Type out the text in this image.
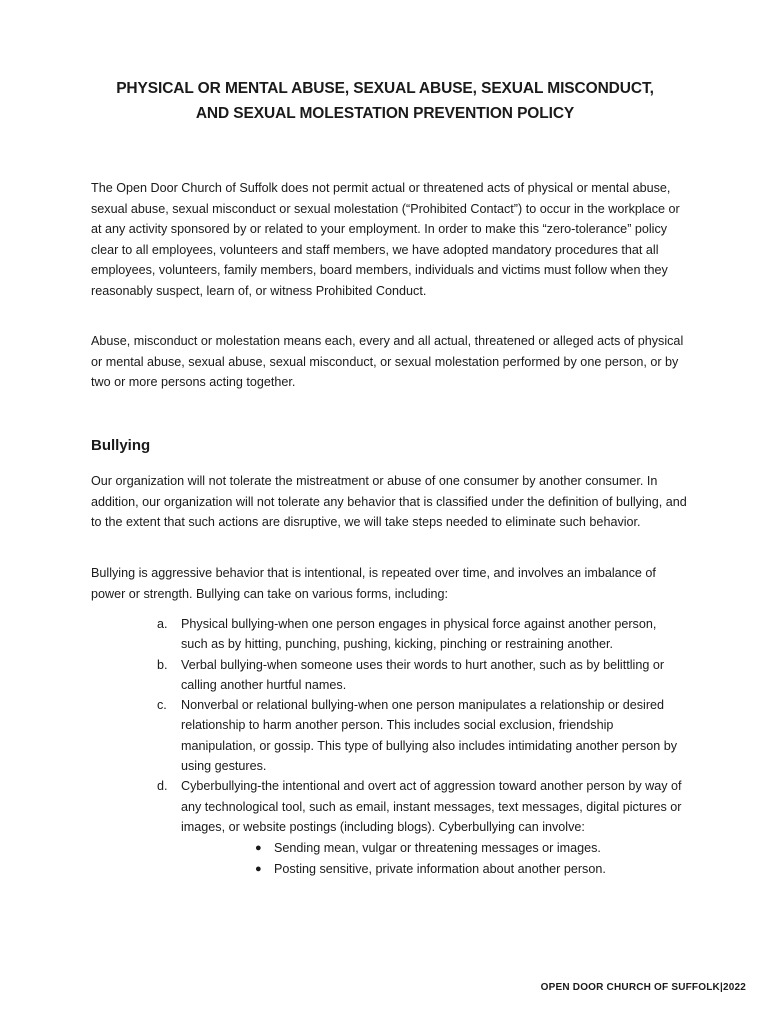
PHYSICAL OR MENTAL ABUSE, SEXUAL ABUSE, SEXUAL MISCONDUCT,
AND SEXUAL MOLESTATION PREVENTION POLICY

The Open Door Church of Suffolk does not permit actual or threatened acts of physical or mental abuse, sexual abuse, sexual misconduct or sexual molestation (“Prohibited Contact”) to occur in the workplace or at any activity sponsored by or related to your employment. In order to make this “zero-tolerance” policy clear to all employees, volunteers and staff members, we have adopted mandatory procedures that all employees, volunteers, family members, board members, individuals and victims must follow when they reasonably suspect, learn of, or witness Prohibited Conduct.

Abuse, misconduct or molestation means each, every and all actual, threatened or alleged acts of physical or mental abuse, sexual abuse, sexual misconduct, or sexual molestation performed by one person, or by two or more persons acting together.

Bullying

Our organization will not tolerate the mistreatment or abuse of one consumer by another consumer. In addition, our organization will not tolerate any behavior that is classified under the definition of bullying, and to the extent that such actions are disruptive, we will take steps needed to eliminate such behavior.

Bullying is aggressive behavior that is intentional, is repeated over time, and involves an imbalance of power or strength. Bullying can take on various forms, including:

a.	Physical bullying-when one person engages in physical force against another person, such as by hitting, punching, pushing, kicking, pinching or restraining another.
b.	Verbal bullying-when someone uses their words to hurt another, such as by belittling or calling another hurtful names.
c.	Nonverbal or relational bullying-when one person manipulates a relationship or desired relationship to harm another person. This includes social exclusion, friendship manipulation, or gossip. This type of bullying also includes intimidating another person by using gestures.
d.	Cyberbullying-the intentional and overt act of aggression toward another person by way of any technological tool, such as email, instant messages, text messages, digital pictures or images, or website postings (including blogs). Cyberbullying can involve:
● Sending mean, vulgar or threatening messages or images.
● Posting sensitive, private information about another person.
OPEN DOOR CHURCH OF SUFFOLK|2022
